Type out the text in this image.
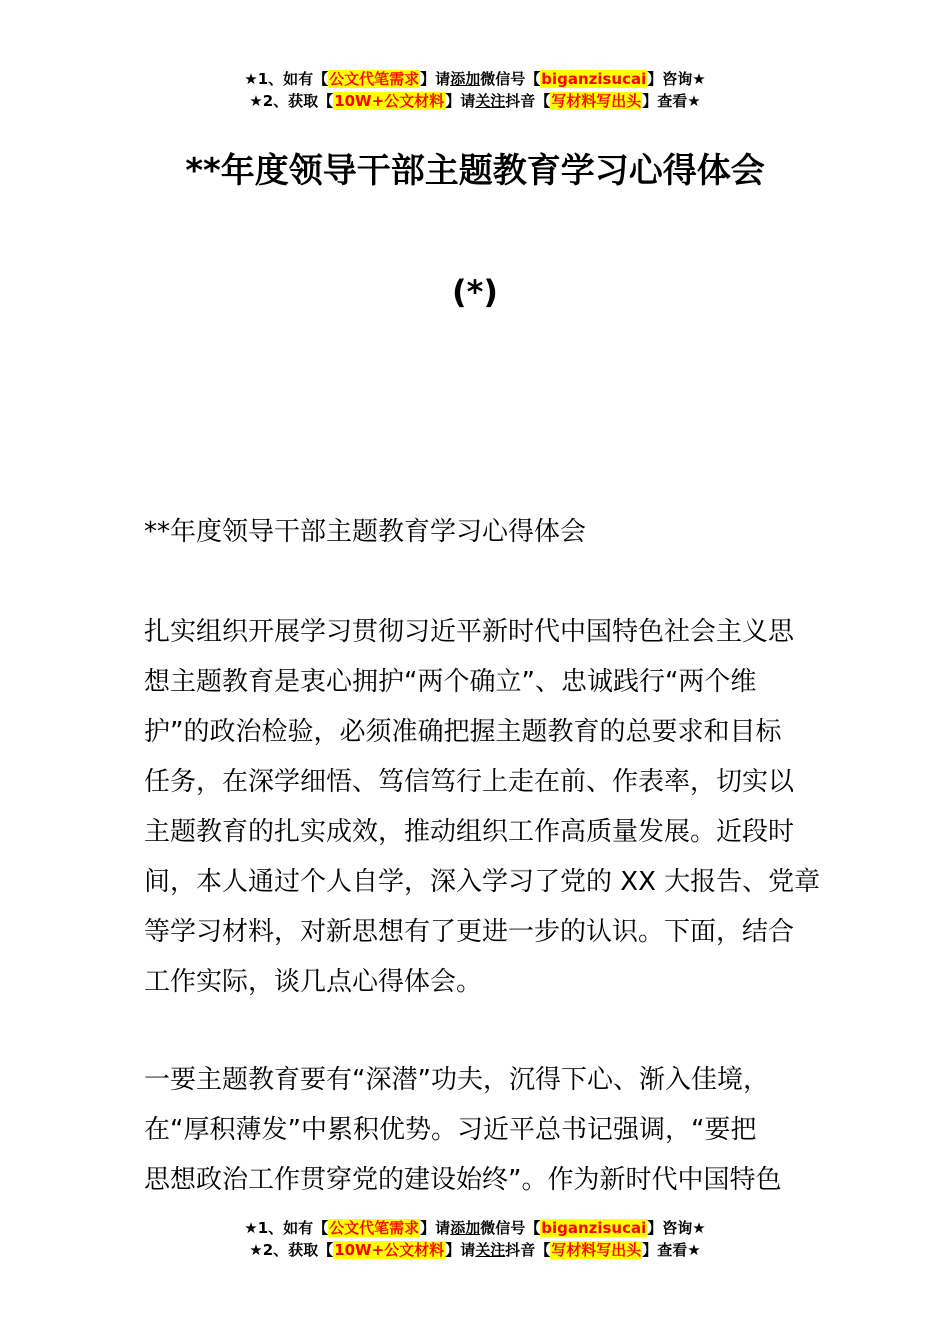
★1、如有【公文代笔需求】请添加微信号【biganzisucai】咨询★
★2、获取【10W+公文材料】请关注抖音【写材料写出头】查看★
**年度领导干部主题教育学习心得体会
(*)
**年度领导干部主题教育学习心得体会
扎实组织开展学习贯彻习近平新时代中国特色社会主义思
想主题教育是衷心拥护“两个确立”、忠诚践行“两个维
护”的政治检验，必须准确把握主题教育的总要求和目标
任务，在深学细悟、笃信笃行上走在前、作表率，切实以
主题教育的扎实成效，推动组织工作高质量发展。近段时
间，本人通过个人自学，深入学习了党的 XX 大报告、党章
等学习材料，对新思想有了更进一步的认识。下面，结合
工作实际，谈几点心得体会。
一要主题教育要有“深潜”功夫，沉得下心、渐入佳境，
在“厚积薄发”中累积优势。习近平总书记强调，“要把
思想政治工作贯穿党的建设始终”。作为新时代中国特色
★1、如有【公文代笔需求】请添加微信号【biganzisucai】咨询★
★2、获取【10W+公文材料】请关注抖音【写材料写出头】查看★
